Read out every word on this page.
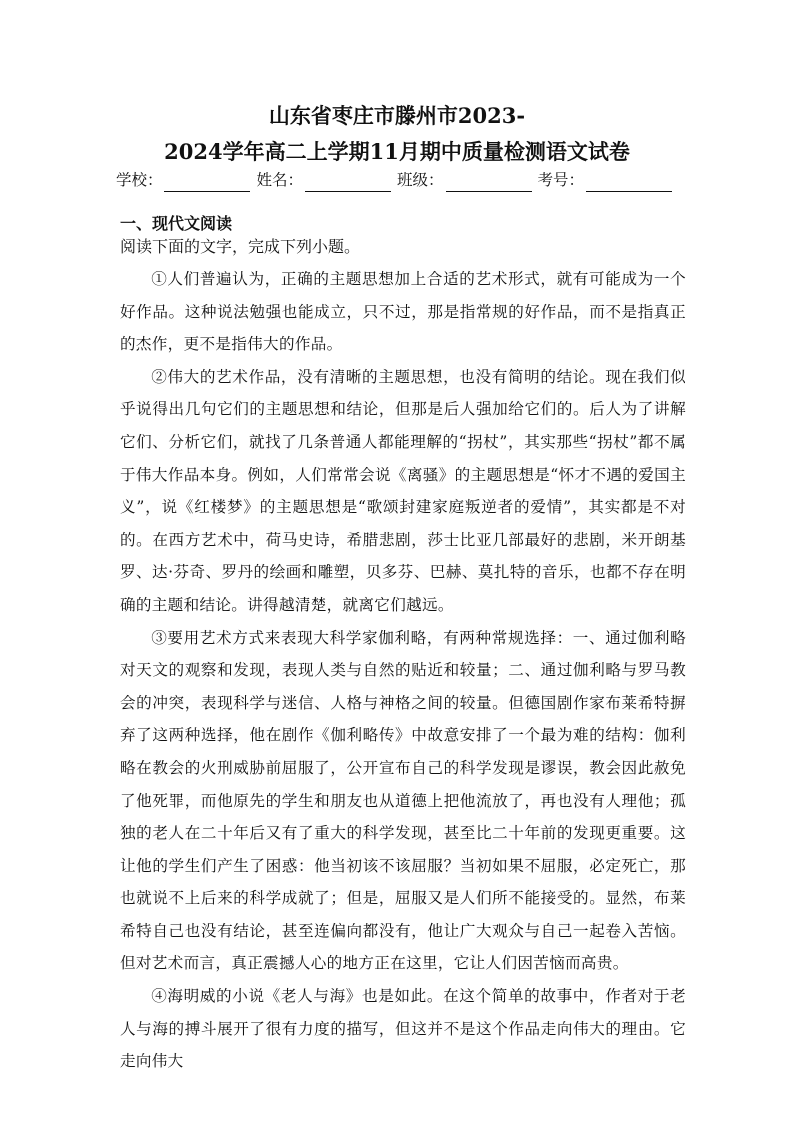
山东省枣庄市滕州市2023-
2024学年高二上学期11月期中质量检测语文试卷
学校：	姓名：	班级：	考号：
一、现代文阅读

阅读下面的文字，完成下列小题。

①人们普遍认为，正确的主题思想加上合适的艺术形式，就有可能成为一个好作品。这种说法勉强也能成立，只不过，那是指常规的好作品，而不是指真正的杰作，更不是指伟大的作品。

②伟大的艺术作品，没有清晰的主题思想，也没有简明的结论。现在我们似乎说得出几句它们的主题思想和结论，但那是后人强加给它们的。后人为了讲解它们、分析它们，就找了几条普通人都能理解的“拐杖”，其实那些“拐杖”都不属于伟大作品本身。例如，人们常常会说《离骚》的主题思想是“怀才不遇的爱国主义”，说《红楼梦》的主题思想是“歌颂封建家庭叛逆者的爱情”，其实都是不对的。在西方艺术中，荷马史诗，希腊悲剧，莎士比亚几部最好的悲剧，米开朗基罗、达·芬奇、罗丹的绘画和雕塑，贝多芬、巴赫、莫扎特的音乐，也都不存在明确的主题和结论。讲得越清楚，就离它们越远。

③要用艺术方式来表现大科学家伽利略，有两种常规选择：一、通过伽利略对天文的观察和发现，表现人类与自然的贴近和较量；二、通过伽利略与罗马教会的冲突，表现科学与迷信、人格与神格之间的较量。但德国剧作家布莱希特摒弃了这两种选择，他在剧作《伽利略传》中故意安排了一个最为难的结构：伽利略在教会的火刑威胁前屈服了，公开宣布自己的科学发现是谬误，教会因此赦免了他死罪，而他原先的学生和朋友也从道德上把他流放了，再也没有人理他；孤独的老人在二十年后又有了重大的科学发现，甚至比二十年前的发现更重要。这让他的学生们产生了困惑：他当初该不该屈服？当初如果不屈服，必定死亡，那也就说不上后来的科学成就了；但是，屈服又是人们所不能接受的。显然，布莱希特自己也没有结论，甚至连偏向都没有，他让广大观众与自己一起卷入苦恼。但对艺术而言，真正震撼人心的地方正在这里，它让人们因苦恼而高贵。

④海明威的小说《老人与海》也是如此。在这个简单的故事中，作者对于老人与海的搏斗展开了很有力度的描写，但这并不是这个作品走向伟大的理由。它走向伟大
